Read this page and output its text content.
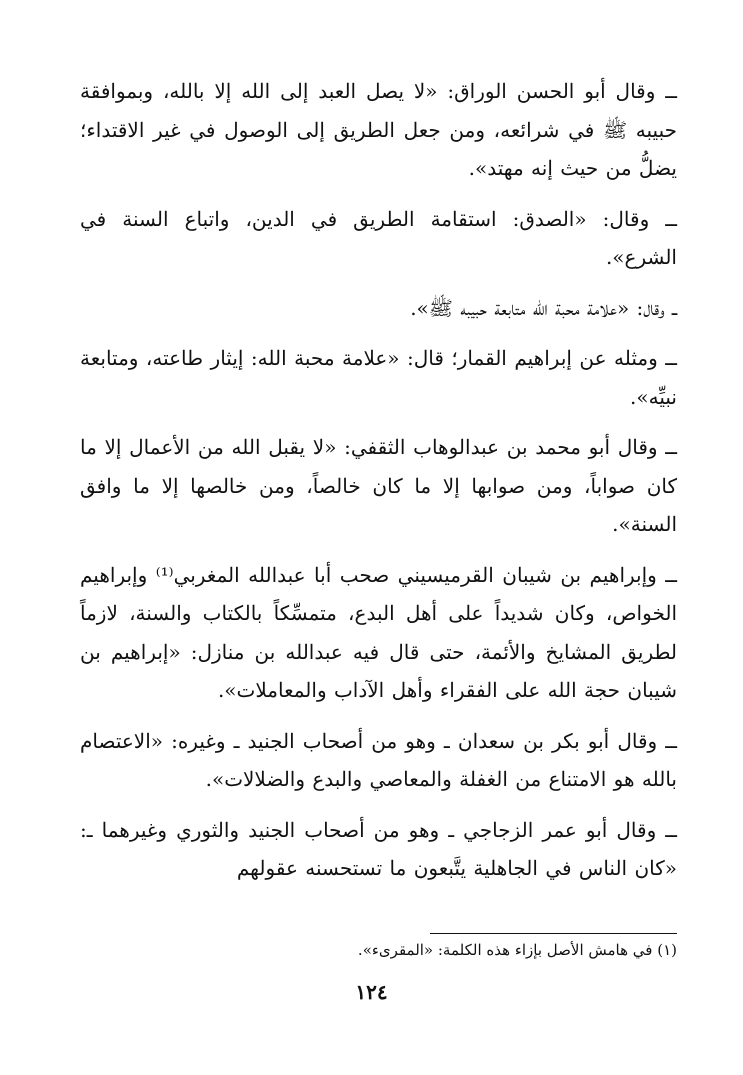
ــ وقال أبو الحسن الوراق: «لا يصل العبد إلى الله إلا بالله، وبموافقة حبيبه ﷺ في شرائعه، ومن جعل الطريق إلى الوصول في غير الاقتداء؛ يضلُّ من حيث إنه مهتد».

ــ وقال: «الصدق: استقامة الطريق في الدين، واتباع السنة في الشرع».

ــ وقال: «علامة محبة الله متابعة حبيبه ﷺ».

ــ ومثله عن إبراهيم القمار؛ قال: «علامة محبة الله: إيثار طاعته، ومتابعة نبيِّه».

ــ وقال أبو محمد بن عبدالوهاب الثقفي: «لا يقبل الله من الأعمال إلا ما كان صواباً، ومن صوابها إلا ما كان خالصاً، ومن خالصها إلا ما وافق السنة».

ــ وإبراهيم بن شيبان القرميسيني صحب أبا عبدالله المغربي⁽¹⁾ وإبراهيم الخواص، وكان شديداً على أهل البدع، متمسِّكاً بالكتاب والسنة، لازماً لطريق المشايخ والأئمة، حتى قال فيه عبدالله بن منازل: «إبراهيم بن شيبان حجة الله على الفقراء وأهل الآداب والمعاملات».

ــ وقال أبو بكر بن سعدان ـ وهو من أصحاب الجنيد ـ وغيره: «الاعتصام بالله هو الامتناع من الغفلة والمعاصي والبدع والضلالات».

ــ وقال أبو عمر الزجاجي ـ وهو من أصحاب الجنيد والثوري وغيرهما ـ: «كان الناس في الجاهلية يتَّبعون ما تستحسنه عقولهم

(١) في هامش الأصل بإزاء هذه الكلمة: «المقرىء».
١٢٤
